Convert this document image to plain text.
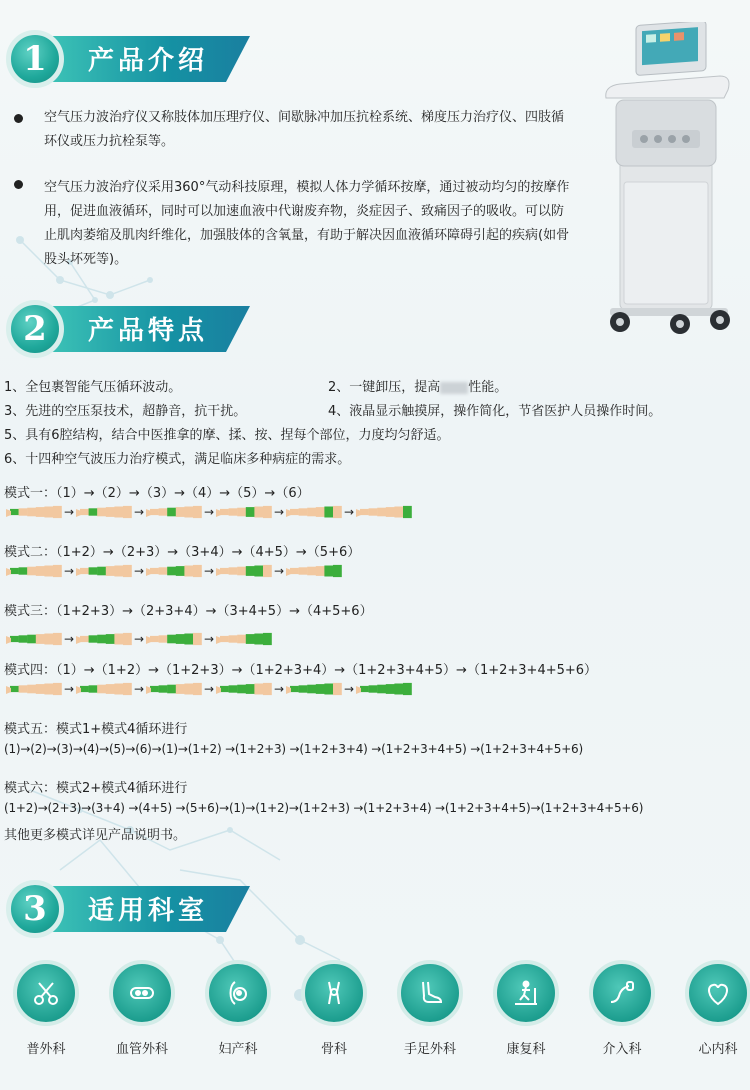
1 产品介绍
空气压力波治疗仪又称肢体加压理疗仪、间歇脉冲加压抗栓系统、梯度压力治疗仪、四肢循环仪或压力抗栓泵等。
空气压力波治疗仪采用360°气动科技原理，模拟人体力学循环按摩，通过被动均匀的按摩作用，促进血液循环，同时可以加速血液中代谢废弃物，炎症因子、致痛因子的吸收。可以防止肌肉萎缩及肌肉纤维化，加强肢体的含氧量，有助于解决因血液循环障碍引起的疾病(如骨股头坏死等)。
2 产品特点
1、全包裹智能气压循环波动。	2、一键卸压，提高 性能。
3、先进的空压泵技术，超静音，抗干扰。	4、液晶显示触摸屏，操作简化，节省医护人员操作时间。
5、具有6腔结构，结合中医推拿的摩、揉、按、捏每个部位，力度均匀舒适。
6、十四种空气波压力治疗模式，满足临床多种病症的需求。
模式一：（1）→（2）→（3）→（4）→（5）→（6）
→	→	→	→	→
模式二：（1+2）→（2+3）→（3+4）→（4+5）→（5+6）
→	→	→	→
模式三：（1+2+3）→（2+3+4）→（3+4+5）→（4+5+6）
→	→	→
模式四：（1）→（1+2）→（1+2+3）→（1+2+3+4）→（1+2+3+4+5）→（1+2+3+4+5+6）
→	→	→	→	→
模式五：模式1+模式4循环进行
(1)→(2)→(3)→(4)→(5)→(6)→(1)→(1+2) →(1+2+3) →(1+2+3+4) →(1+2+3+4+5) →(1+2+3+4+5+6)
模式六：模式2+模式4循环进行
(1+2)→(2+3)→(3+4) →(4+5) →(5+6)→(1)→(1+2)→(1+2+3) →(1+2+3+4) →(1+2+3+4+5)→(1+2+3+4+5+6)
其他更多模式详见产品说明书。
3 适用科室
普外科	血管外科	妇产科	骨科	手足外科	康复科	介入科	心内科
